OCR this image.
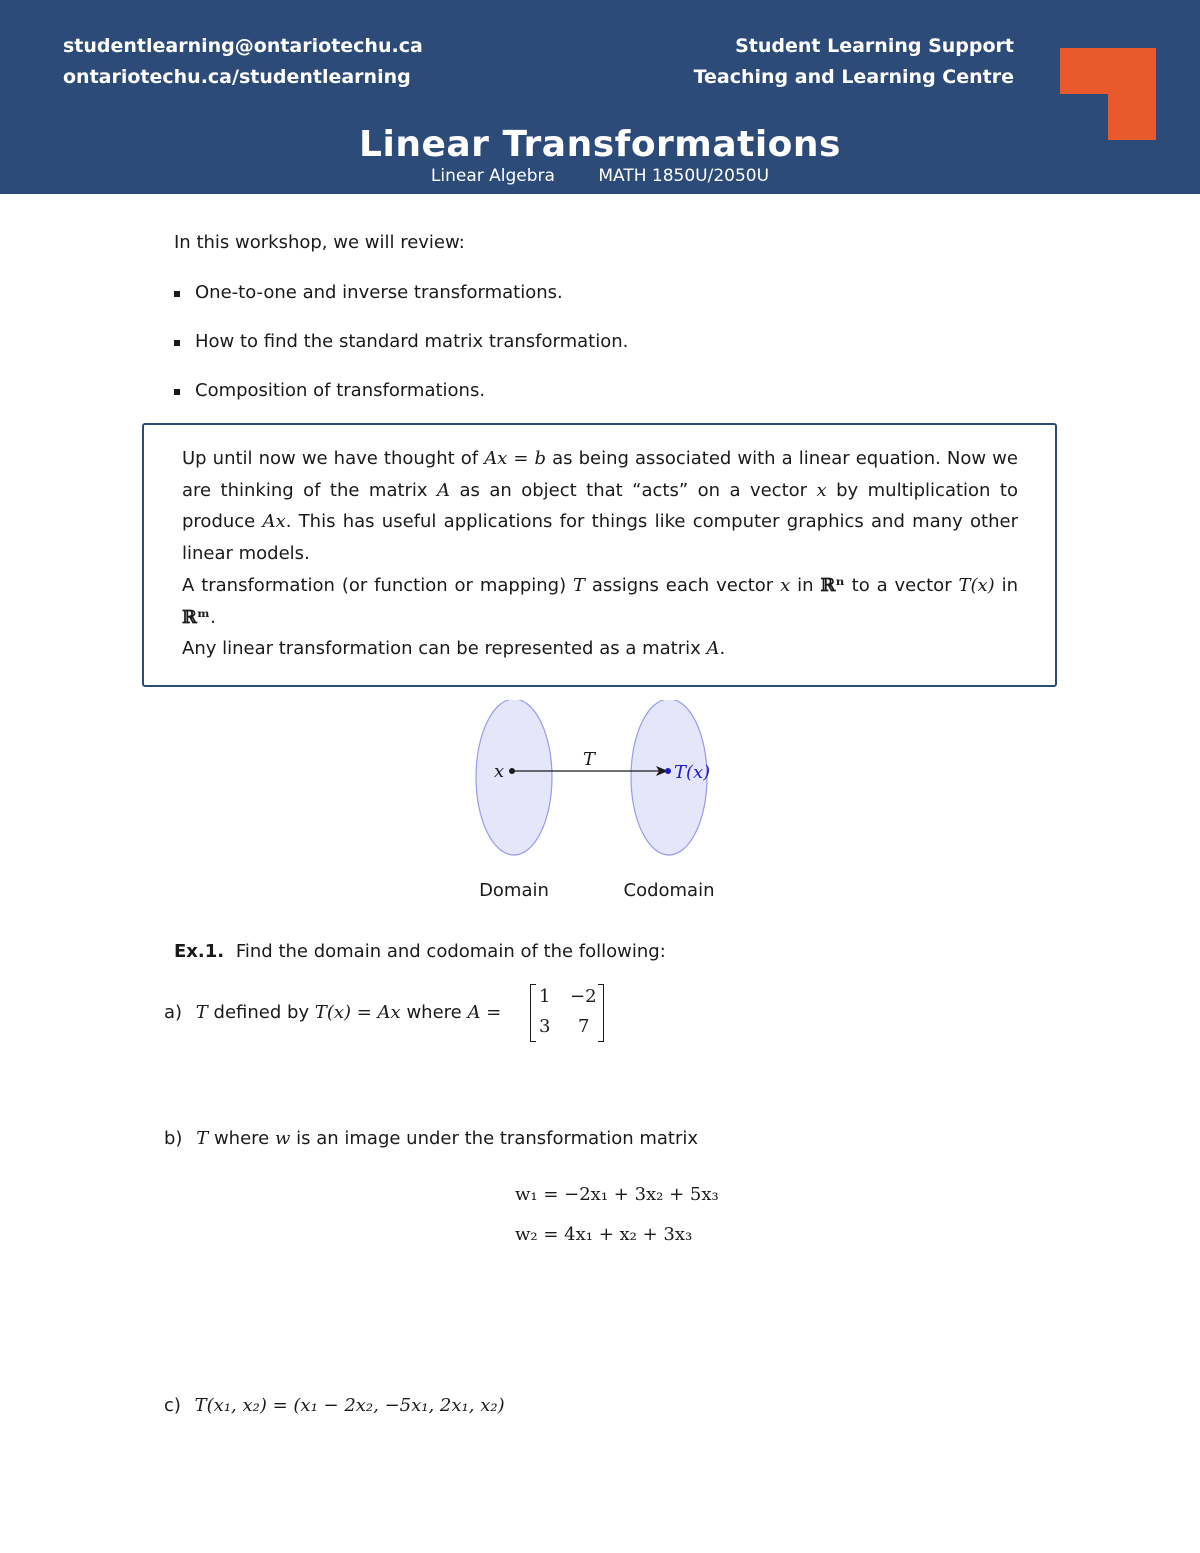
studentlearning@ontariotechu.ca
ontariotechu.ca/studentlearning
Student Learning Support
Teaching and Learning Centre
Linear Transformations
Linear Algebra	MATH 1850U/2050U
In this workshop, we will review:
One-to-one and inverse transformations.
How to find the standard matrix transformation.
Composition of transformations.

Up until now we have thought of Ax = b as being associated with a linear equation. Now we are thinking of the matrix A as an object that “acts” on a vector x by multiplication to produce Ax. This has useful applications for things like computer graphics and many other linear models.

A transformation (or function or mapping) T assigns each vector x in ℝⁿ to a vector T(x) in ℝᵐ.

Any linear transformation can be represented as a matrix A.

x
T
T(x)
Domain	Codomain
Ex.1. Find the domain and codomain of the following:
a) T defined by T(x) = Ax where A =
1 −2
3 7
b) T where w is an image under the transformation matrix
w₁ = −2x₁ + 3x₂ + 5x₃
w₂ = 4x₁ + x₂ + 3x₃
c) T(x₁, x₂) = (x₁ − 2x₂, −5x₁, 2x₁, x₂)
